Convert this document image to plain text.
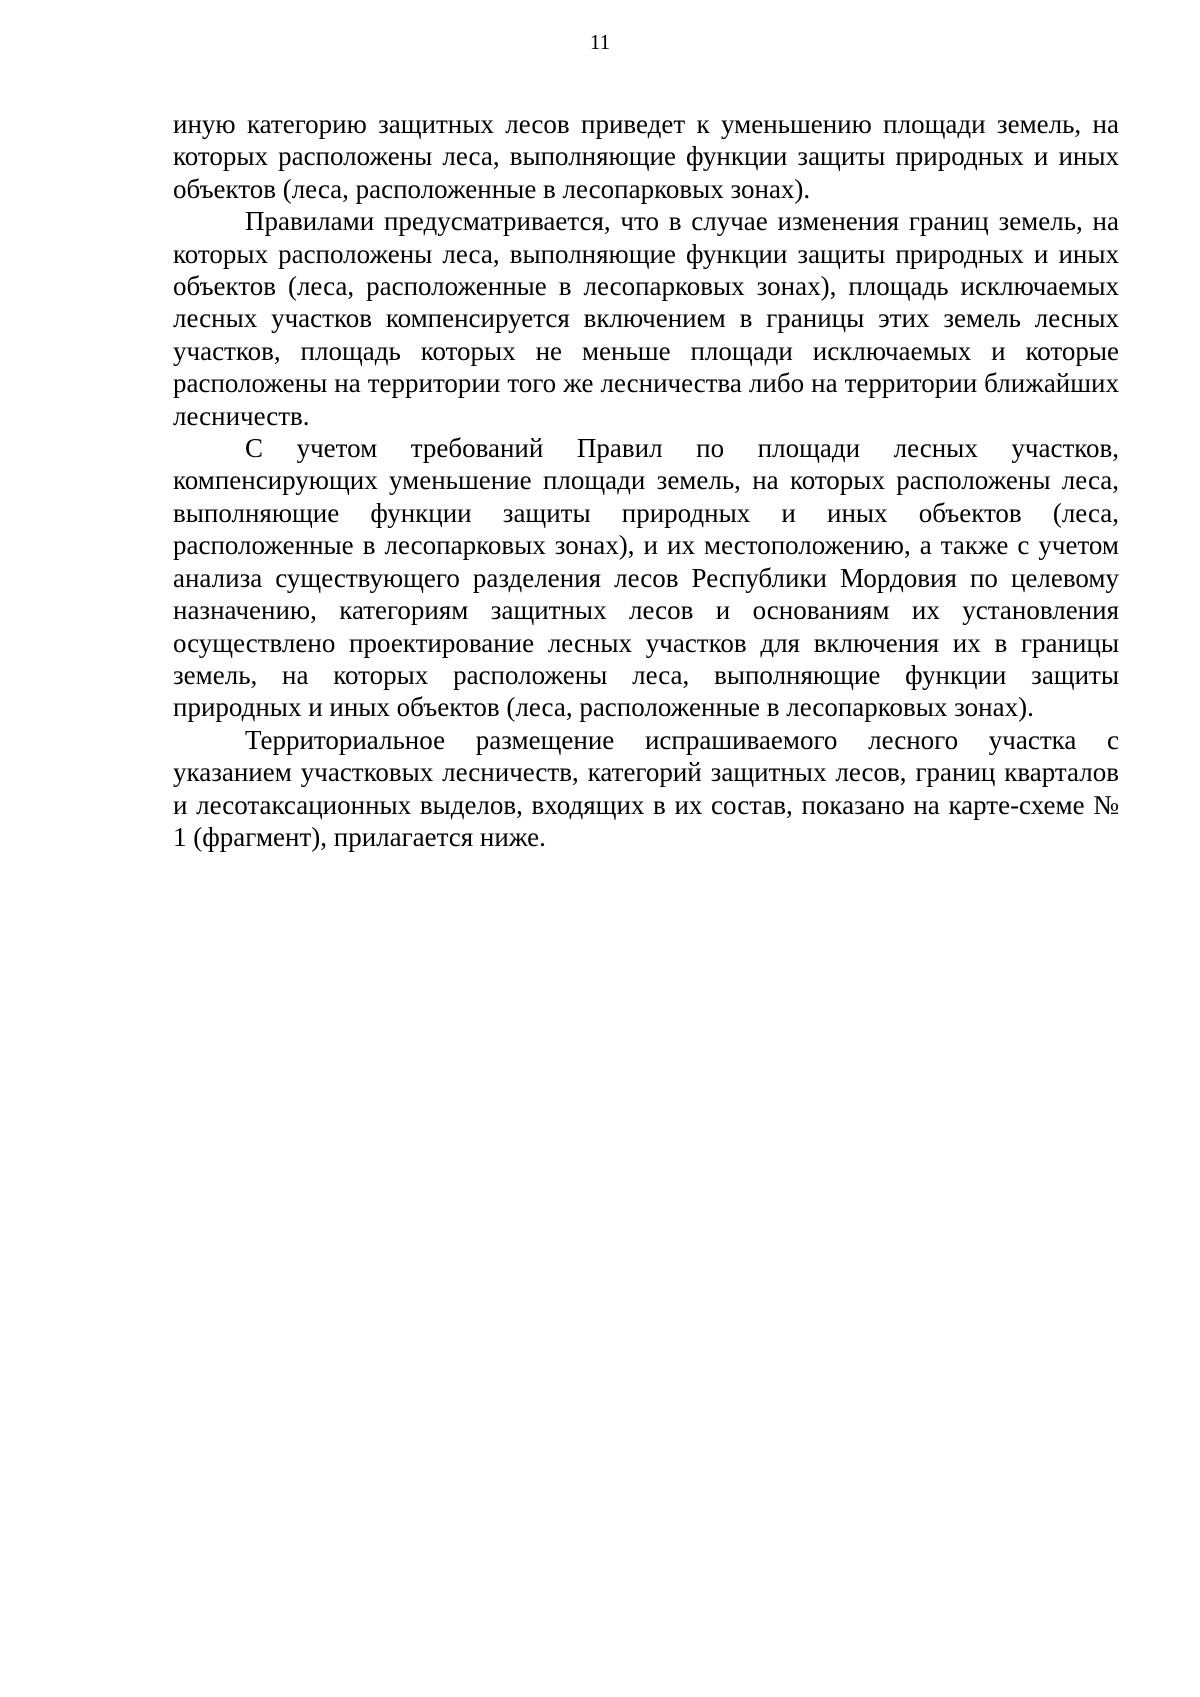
11

иную категорию защитных лесов приведет к уменьшению площади земель, на которых расположены леса, выполняющие функции защиты природных и иных объектов (леса, расположенные в лесопарковых зонах).

Правилами предусматривается, что в случае изменения границ земель, на которых расположены леса, выполняющие функции защиты природных и иных объектов (леса, расположенные в лесопарковых зонах), площадь исключаемых лесных участков компенсируется включением в границы этих земель лесных участков, площадь которых не меньше площади исключаемых и которые расположены на территории того же лесничества либо на территории ближайших лесничеств.

С учетом требований Правил по площади лесных участков, компенсирующих уменьшение площади земель, на которых расположены леса, выполняющие функции защиты природных и иных объектов (леса, расположенные в лесопарковых зонах), и их местоположению, а также с учетом анализа существующего разделения лесов Республики Мордовия по целевому назначению, категориям защитных лесов и основаниям их установления осуществлено проектирование лесных участков для включения их в границы земель, на которых расположены леса, выполняющие функции защиты природных и иных объектов (леса, расположенные в лесопарковых зонах).

Территориальное размещение испрашиваемого лесного участка с указанием участковых лесничеств, категорий защитных лесов, границ кварталов и лесотаксационных выделов, входящих в их состав, показано на карте-схеме № 1 (фрагмент), прилагается ниже.
